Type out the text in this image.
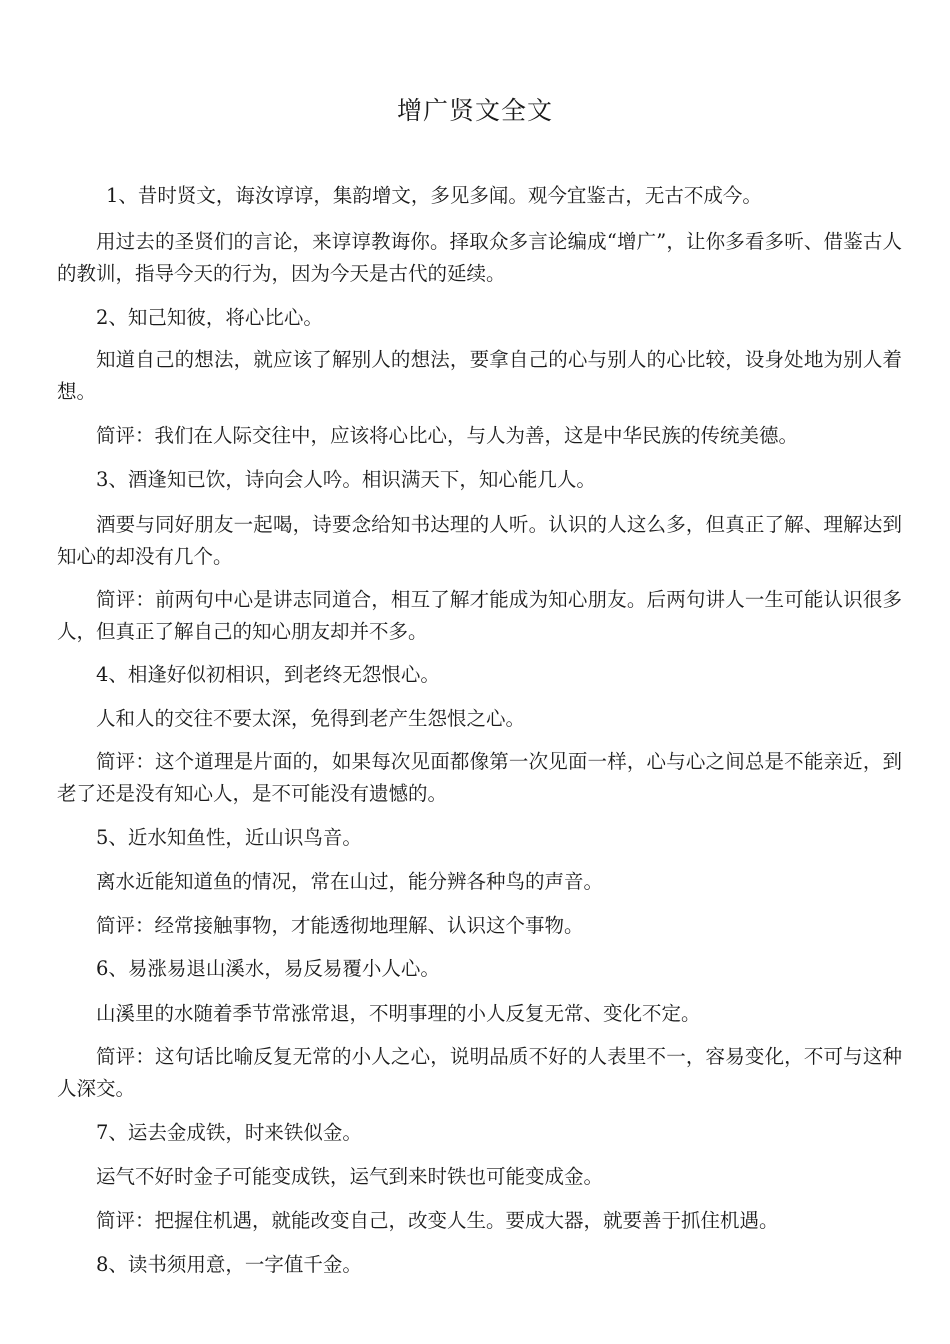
增广贤文全文
1、昔时贤文，诲汝谆谆，集韵增文，多见多闻。观今宜鉴古，无古不成今。
用过去的圣贤们的言论，来谆谆教诲你。择取众多言论编成“增广”，让你多看多听、借鉴古人的教训，指导今天的行为，因为今天是古代的延续。
2、知己知彼，将心比心。
知道自己的想法，就应该了解别人的想法，要拿自己的心与别人的心比较，设身处地为别人着想。
简评：我们在人际交往中，应该将心比心，与人为善，这是中华民族的传统美德。
3、酒逢知已饮，诗向会人吟。相识满天下，知心能几人。
酒要与同好朋友一起喝，诗要念给知书达理的人听。认识的人这么多，但真正了解、理解达到知心的却没有几个。
简评：前两句中心是讲志同道合，相互了解才能成为知心朋友。后两句讲人一生可能认识很多人，但真正了解自己的知心朋友却并不多。
4、相逢好似初相识，到老终无怨恨心。
人和人的交往不要太深，免得到老产生怨恨之心。
简评：这个道理是片面的，如果每次见面都像第一次见面一样，心与心之间总是不能亲近，到老了还是没有知心人，是不可能没有遗憾的。
5、近水知鱼性，近山识鸟音。
离水近能知道鱼的情况，常在山过，能分辨各种鸟的声音。
简评：经常接触事物，才能透彻地理解、认识这个事物。
6、易涨易退山溪水，易反易覆小人心。
山溪里的水随着季节常涨常退，不明事理的小人反复无常、变化不定。
简评：这句话比喻反复无常的小人之心，说明品质不好的人表里不一，容易变化，不可与这种人深交。
7、运去金成铁，时来铁似金。
运气不好时金子可能变成铁，运气到来时铁也可能变成金。
简评：把握住机遇，就能改变自己，改变人生。要成大器，就要善于抓住机遇。
8、读书须用意，一字值千金。
